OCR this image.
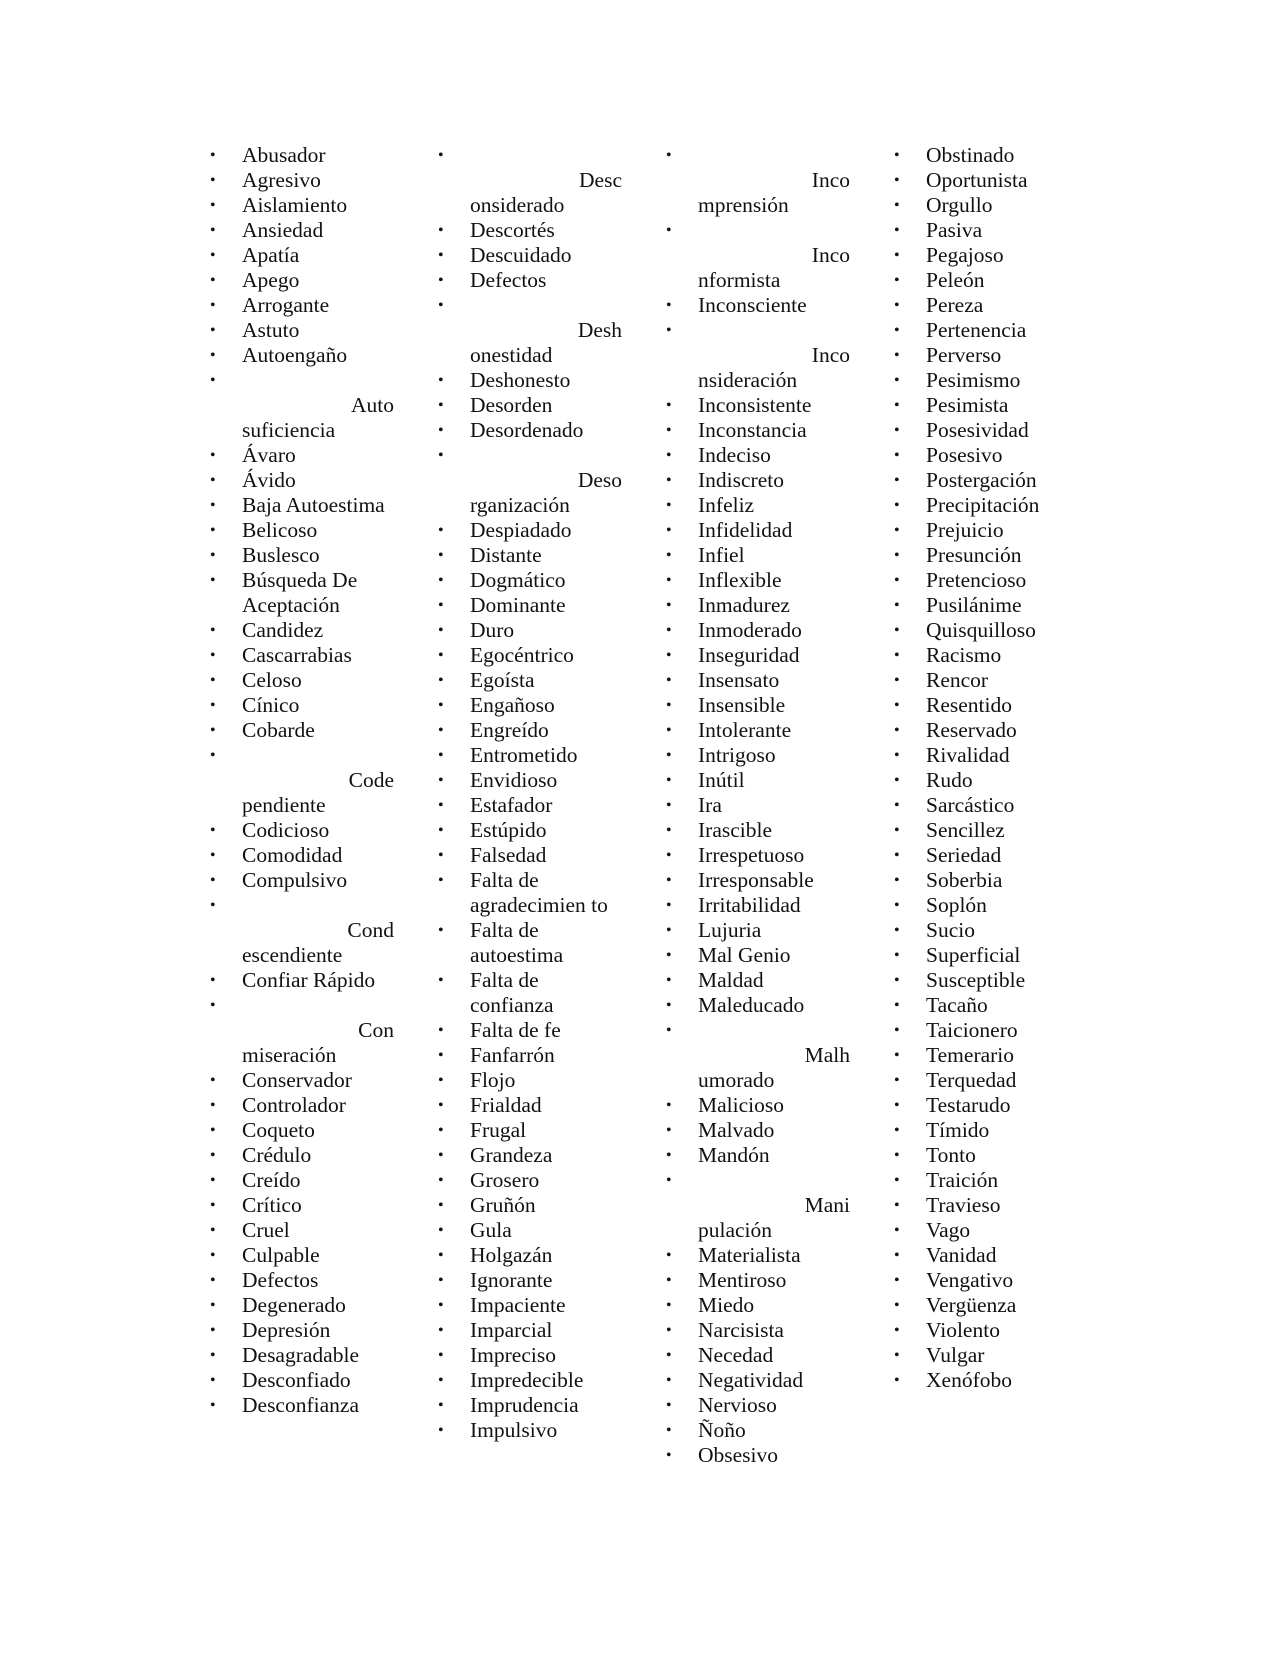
• Abusador
• Agresivo
• Aislamiento
• Ansiedad
• Apatía
• Apego
• Arrogante
• Astuto
• Autoengaño
• Auto
suficiencia
• Ávaro
• Ávido
• Baja Autoestima
• Belicoso
• Buslesco
• Búsqueda De Aceptación
• Candidez
• Cascarrabias
• Celoso
• Cínico
• Cobarde
• Code
pendiente
• Codicioso
• Comodidad
• Compulsivo
• Cond
escendiente
• Confiar Rápido
• Con
miseración
• Conservador
• Controlador
• Coqueto
• Crédulo
• Creído
• Crítico
• Cruel
• Culpable
• Defectos
• Degenerado
• Depresión
• Desagradable
• Desconfiado
• Desconfianza
• Desc
onsiderado
• Descortés
• Descuidado
• Defectos
• Desh
onestidad
• Deshonesto
• Desorden
• Desordenado
• Deso
rganización
• Despiadado
• Distante
• Dogmático
• Dominante
• Duro
• Egocéntrico
• Egoísta
• Engañoso
• Engreído
• Entrometido
• Envidioso
• Estafador
• Estúpido
• Falsedad
• Falta de agradecimien to
• Falta de autoestima
• Falta de confianza
• Falta de fe
• Fanfarrón
• Flojo
• Frialdad
• Frugal
• Grandeza
• Grosero
• Gruñón
• Gula
• Holgazán
• Ignorante
• Impaciente
• Imparcial
• Impreciso
• Impredecible
• Imprudencia
• Impulsivo
• Inco
mprensión
• Inco
nformista
• Inconsciente
• Inco
nsideración
• Inconsistente
• Inconstancia
• Indeciso
• Indiscreto
• Infeliz
• Infidelidad
• Infiel
• Inflexible
• Inmadurez
• Inmoderado
• Inseguridad
• Insensato
• Insensible
• Intolerante
• Intrigoso
• Inútil
• Ira
• Irascible
• Irrespetuoso
• Irresponsable
• Irritabilidad
• Lujuria
• Mal Genio
• Maldad
• Maleducado
• Malh
umorado
• Malicioso
• Malvado
• Mandón
• Mani
pulación
• Materialista
• Mentiroso
• Miedo
• Narcisista
• Necedad
• Negatividad
• Nervioso
• Ñoño
• Obsesivo
• Obstinado
• Oportunista
• Orgullo
• Pasiva
• Pegajoso
• Peleón
• Pereza
• Pertenencia
• Perverso
• Pesimismo
• Pesimista
• Posesividad
• Posesivo
• Postergación
• Precipitación
• Prejuicio
• Presunción
• Pretencioso
• Pusilánime
• Quisquilloso
• Racismo
• Rencor
• Resentido
• Reservado
• Rivalidad
• Rudo
• Sarcástico
• Sencillez
• Seriedad
• Soberbia
• Soplón
• Sucio
• Superficial
• Susceptible
• Tacaño
• Taicionero
• Temerario
• Terquedad
• Testarudo
• Tímido
• Tonto
• Traición
• Travieso
• Vago
• Vanidad
• Vengativo
• Vergüenza
• Violento
• Vulgar
• Xenófobo
